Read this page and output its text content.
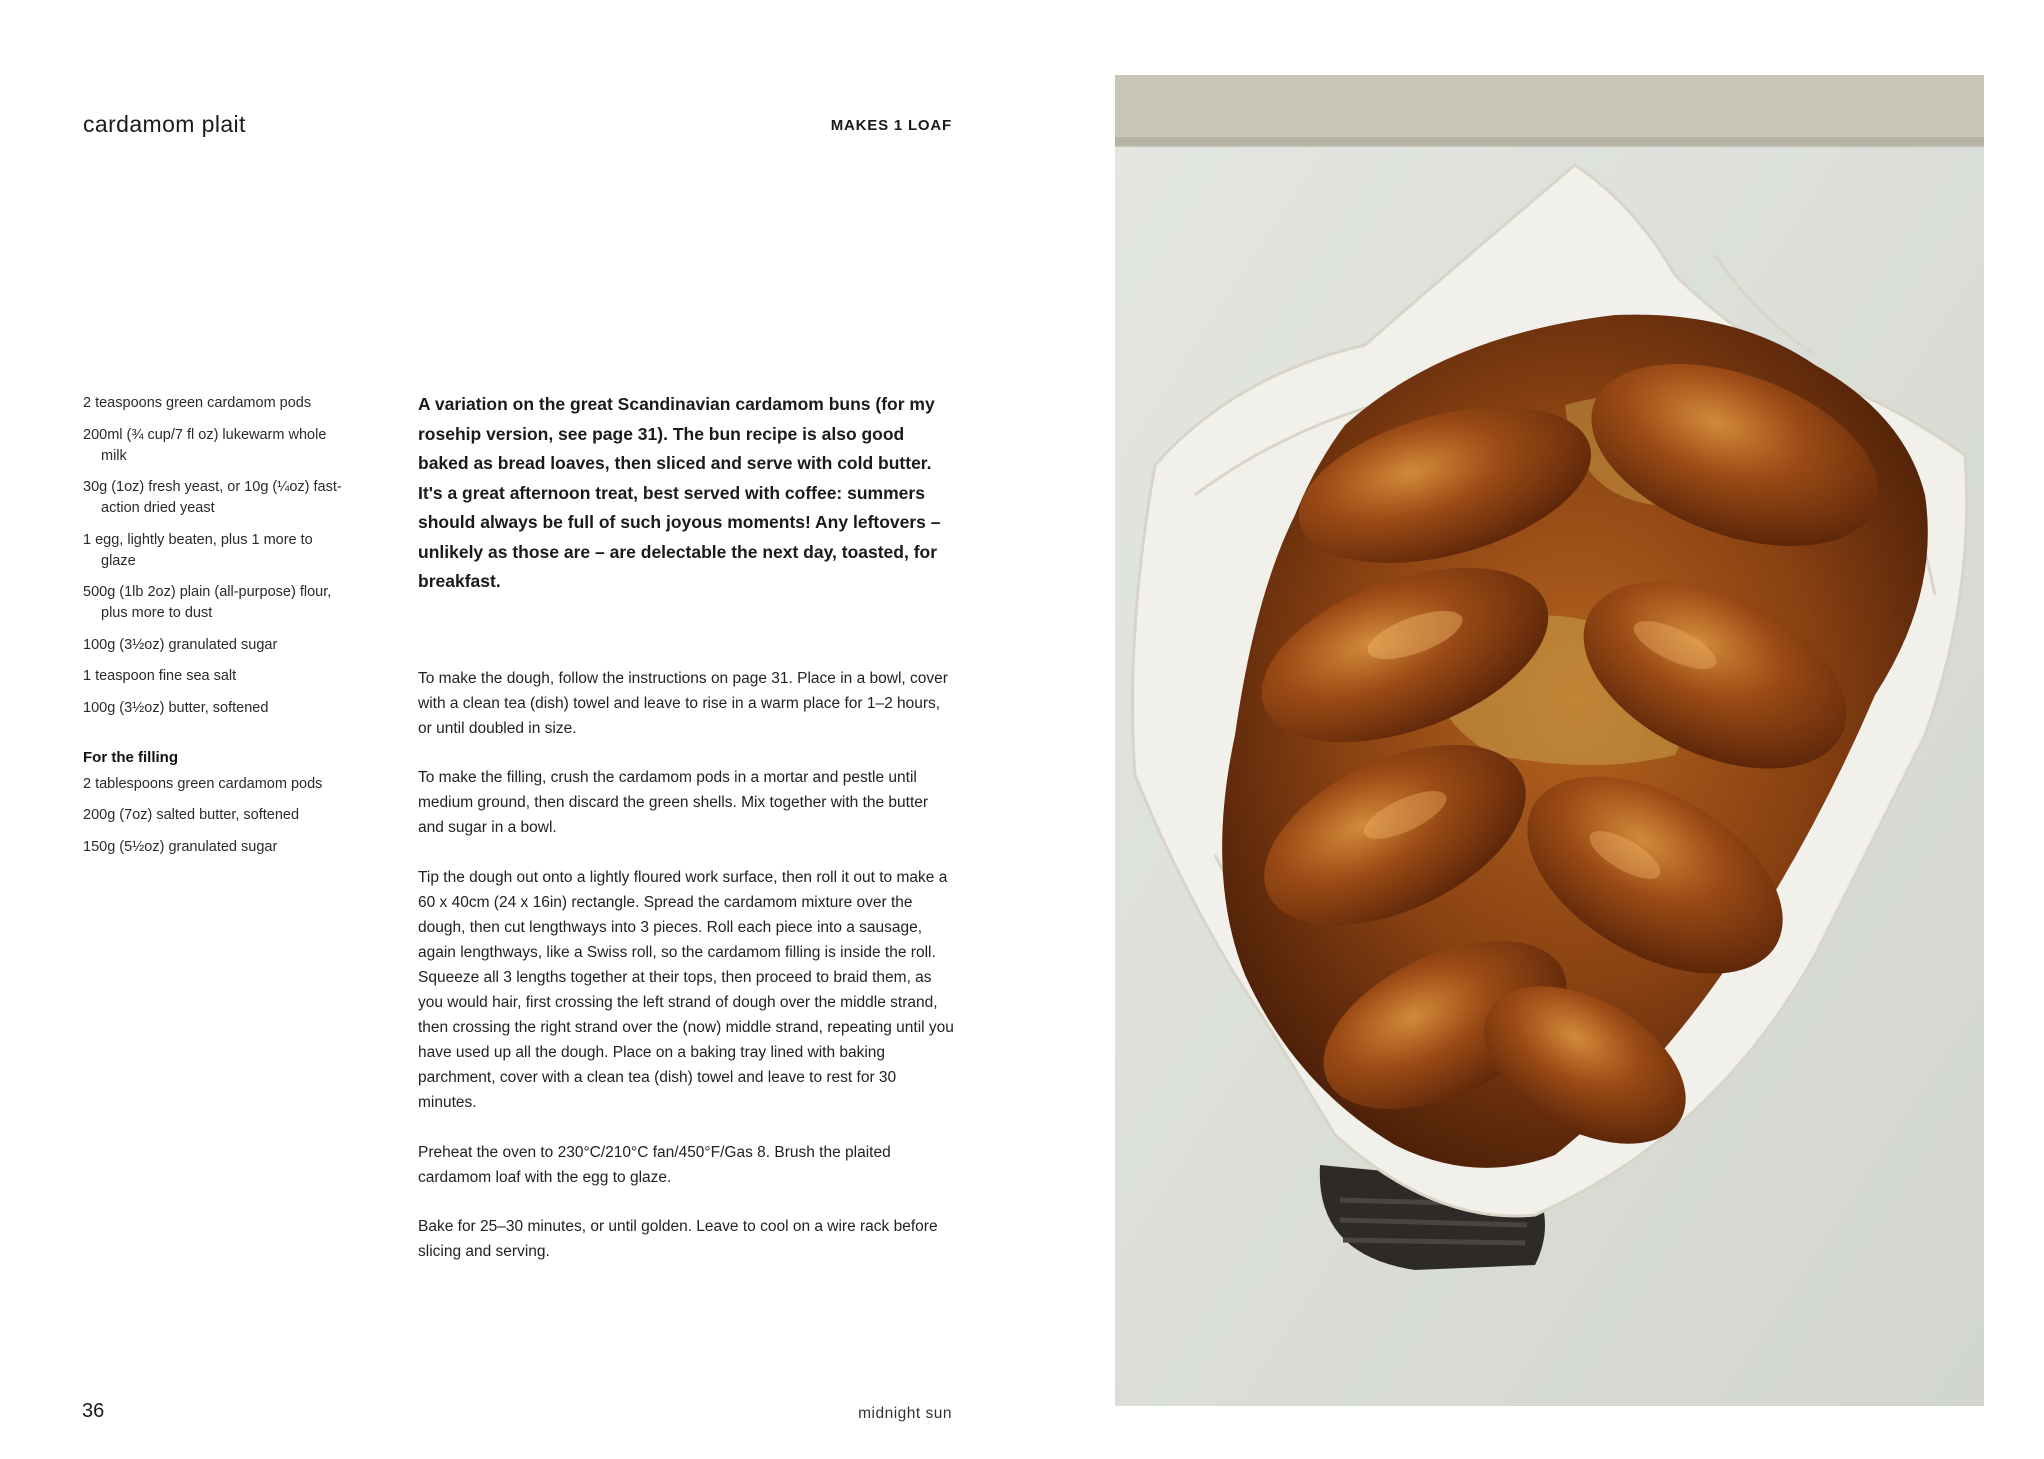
cardamom plait	MAKES 1 LOAF
2 teaspoons green cardamom pods
200ml (¾ cup/7 fl oz) lukewarm whole milk
30g (1oz) fresh yeast, or 10g (¼oz) fast-action dried yeast
1 egg, lightly beaten, plus 1 more to glaze
500g (1lb 2oz) plain (all-purpose) flour, plus more to dust
100g (3½oz) granulated sugar
1 teaspoon fine sea salt
100g (3½oz) butter, softened
For the filling
2 tablespoons green cardamom pods
200g (7oz) salted butter, softened
150g (5½oz) granulated sugar

A variation on the great Scandinavian cardamom buns (for my rosehip version, see page 31). The bun recipe is also good baked as bread loaves, then sliced and serve with cold butter. It's a great afternoon treat, best served with coffee: summers should always be full of such joyous moments! Any leftovers – unlikely as those are – are delectable the next day, toasted, for breakfast.

To make the dough, follow the instructions on page 31. Place in a bowl, cover with a clean tea (dish) towel and leave to rise in a warm place for 1–2 hours, or until doubled in size.

To make the filling, crush the cardamom pods in a mortar and pestle until medium ground, then discard the green shells. Mix together with the butter and sugar in a bowl.

Tip the dough out onto a lightly floured work surface, then roll it out to make a 60 x 40cm (24 x 16in) rectangle. Spread the cardamom mixture over the dough, then cut lengthways into 3 pieces. Roll each piece into a sausage, again lengthways, like a Swiss roll, so the cardamom filling is inside the roll. Squeeze all 3 lengths together at their tops, then proceed to braid them, as you would hair, first crossing the left strand of dough over the middle strand, then crossing the right strand over the (now) middle strand, repeating until you have used up all the dough. Place on a baking tray lined with baking parchment, cover with a clean tea (dish) towel and leave to rest for 30 minutes.

Preheat the oven to 230°C/210°C fan/450°F/Gas 8. Brush the plaited cardamom loaf with the egg to glaze.

Bake for 25–30 minutes, or until golden. Leave to cool on a wire rack before slicing and serving.

36	midnight sun
